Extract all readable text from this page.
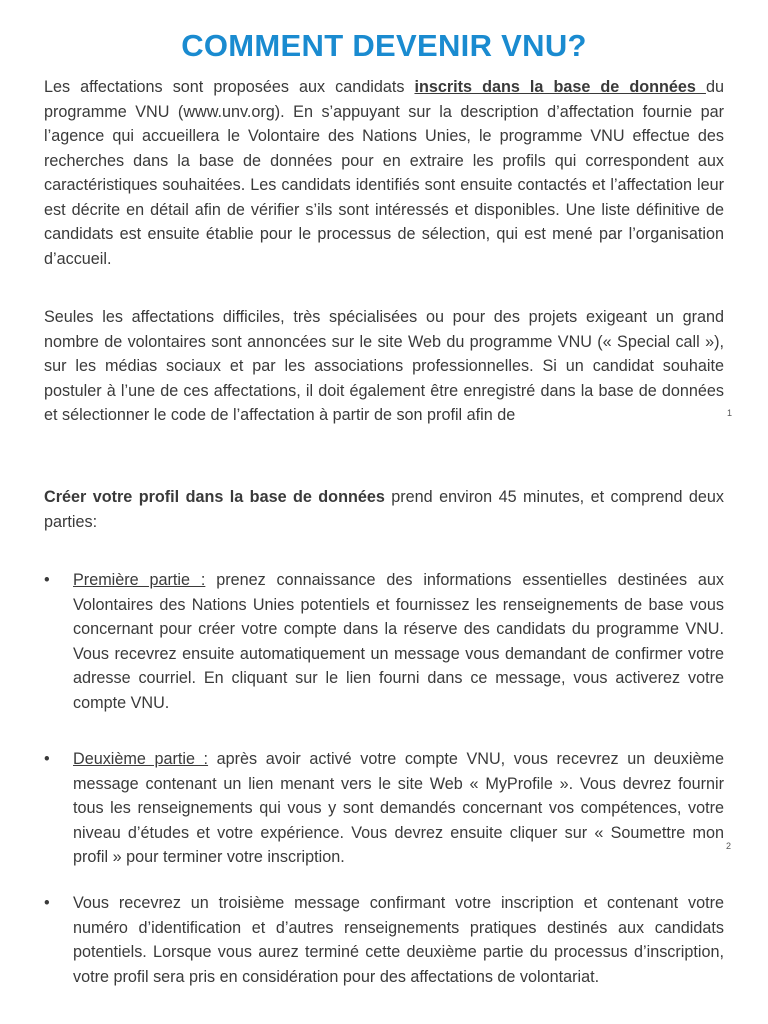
COMMENT DEVENIR VNU?
Les affectations sont proposées aux candidats inscrits dans la base de données du programme VNU (www.unv.org). En s’appuyant sur la description d’affectation fournie par l’agence qui accueillera le Volontaire des Nations Unies, le programme VNU effectue des recherches dans la base de données pour en extraire les profils qui correspondent aux caractéristiques souhaitées. Les candidats identifiés sont ensuite contactés et l’affectation leur est décrite en détail afin de vérifier s’ils sont intéressés et disponibles. Une liste définitive de candidats est ensuite établie pour le processus de sélection, qui est mené par l’organisation d’accueil.
Seules les affectations difficiles, très spécialisées ou pour des projets exigeant un grand nombre de volontaires sont annoncées sur le site Web du programme VNU (« Special call »), sur les médias sociaux et par les associations professionnelles. Si un candidat souhaite postuler à l’une de ces affectations, il doit également être enregistré dans la base de données et sélectionner le code de l’affectation à partir de son profil afin de	1
Créer votre profil dans la base de données prend environ 45 minutes, et comprend deux parties:
•	Première partie : prenez connaissance des informations essentielles destinées aux Volontaires des Nations Unies potentiels et fournissez les renseignements de base vous concernant pour créer votre compte dans la réserve des candidats du programme VNU. Vous recevrez ensuite automatiquement un message vous demandant de confirmer votre adresse courriel. En cliquant sur le lien fourni dans ce message, vous activerez votre compte VNU.
•	Deuxième partie : après avoir activé votre compte VNU, vous recevrez un deuxième message contenant un lien menant vers le site Web « MyProfile ». Vous devrez fournir tous les renseignements qui vous y sont demandés concernant vos compétences, votre niveau d’études et votre expérience. Vous devrez ensuite cliquer sur « Soumettre mon profil » pour terminer votre inscription.
2
•	Vous recevrez un troisième message confirmant votre inscription et contenant votre numéro d’identification et d’autres renseignements pratiques destinés aux candidats potentiels. Lorsque vous aurez terminé cette deuxième partie du processus d’inscription, votre profil sera pris en considération pour des affectations de volontariat.
